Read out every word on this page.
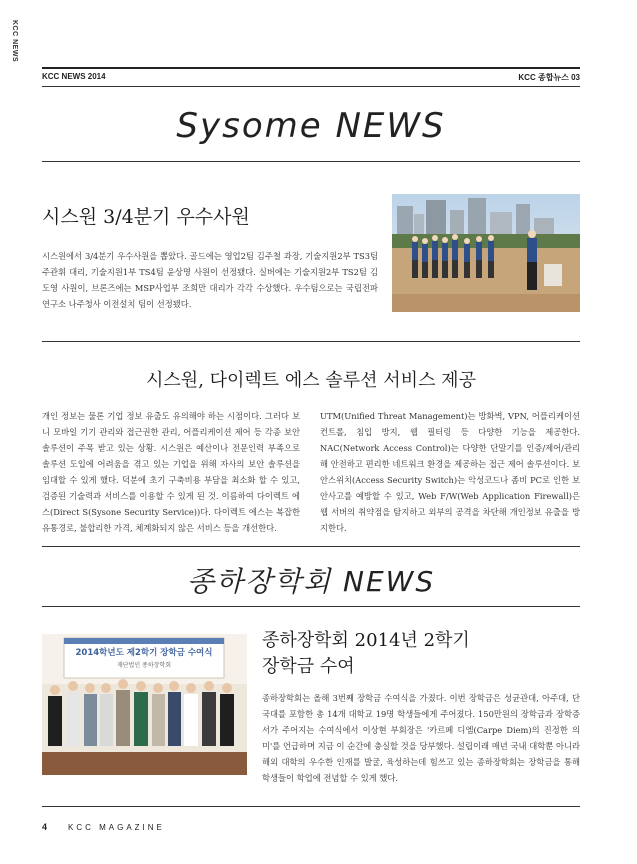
KCC NEWS
KCC NEWS 2014	KCC 종합뉴스 03
Sysome NEWS
시스원 3/4분기 우수사원

시스원에서 3/4분기 우수사원을 뽑았다. 골드에는 영업2팀 김주철 과장, 기술지원2부 TS3팀 주관휘 대리, 기술지원1부 TS4팀 윤상명 사원이 선정됐다. 실버에는 기술지원2부 TS2팀 김도영 사원이, 브론즈에는 MSP사업부 조희만 대리가 각각 수상했다. 우수팀으로는 국립전파연구소 나주청사 이전설치 팀이 선정됐다.

시스원, 다이렉트 에스 솔루션 서비스 제공

개인 정보는 물론 기업 정보 유출도 유의해야 하는 시점이다. 그러다 보니 모바일 기기 관리와 접근권한 관리, 어플리케이션 제어 등 각종 보안 솔루션이 주목 받고 있는 상황. 시스원은 예산이나 전문인력 부족으로 솔루션 도입에 어려움을 겪고 있는 기업을 위해 자사의 보안 솔루션을 임대할 수 있게 했다. 덕분에 초기 구축비용 부담을 최소화 할 수 있고, 검증된 기술력과 서비스를 이용할 수 있게 된 것. 이름하여 다이렉트 에스(Direct S(Sysone Security Service))다. 다이렉트 에스는 복잡한 유통경로, 불합리한 가격, 체계화되지 않은 서비스 등을 개선한다.

UTM(Unified Threat Management)는 방화벽, VPN, 어플리케이션컨트롤, 침입 방지, 웹 필터링 등 다양한 기능을 제공한다. NAC(Network Access Control)는 다양한 단말기를 인증/제어/관리해 안전하고 편리한 네트워크 환경을 제공하는 접근 제어 솔루션이다. 보안스위치(Access Security Switch)는 악성코드나 좀비 PC로 인한 보안사고를 예방할 수 있고, Web F/W(Web Application Firewall)은 웹 서버의 취약점을 탐지하고 외부의 공격을 차단해 개인정보 유출을 방지한다.

종하장학회 NEWS
2014학년도 제2학기 장학금 수여식
재단법인 종하장학회
종하장학회 2014년 2학기
장학금 수여

종하장학회는 올해 3번째 장학금 수여식을 가졌다. 이번 장학금은 성균관대, 아주대, 단국대를 포함한 총 14개 대학교 19명 학생들에게 주어졌다. 150만원의 장학금과 장학증서가 주어지는 수여식에서 이상현 부회장은 '카르페 디엠(Carpe Diem)의 진정한 의미'를 언급하며 지금 이 순간에 충실할 것을 당부했다. 설립이래 매년 국내 대학뿐 아니라 해외 대학의 우수한 인재를 발굴, 육성하는데 힘쓰고 있는 종하장학회는 장학금을 통해 학생들이 학업에 전념할 수 있게 했다.

4	KCC MAGAZINE
